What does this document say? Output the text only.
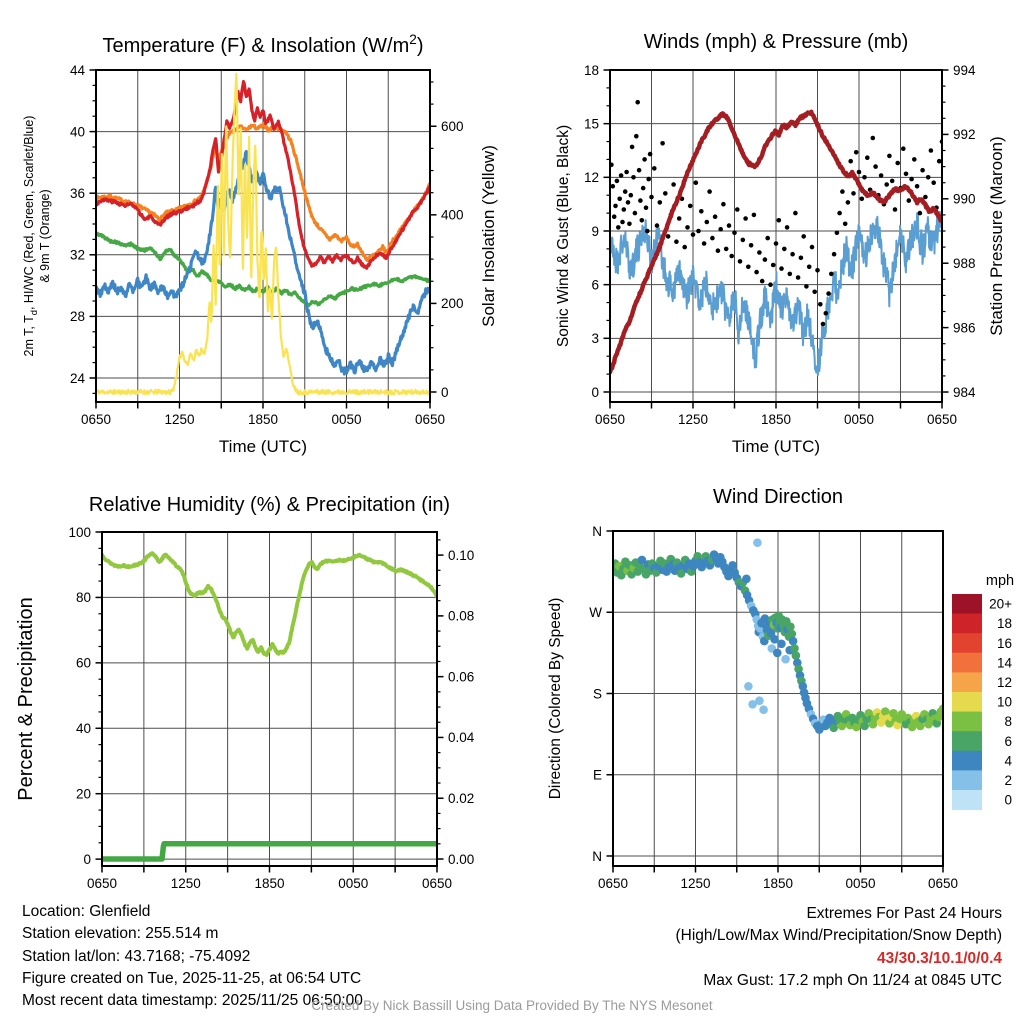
24
28
32
36
40
44
0
200
400
600
0650	1250	1850	0050	0650
Time (UTC)
Temperature (F) & Insolation $(W/m^2)$
2m T, $T_d$, HI/WC (Red, Green, Scarlet/Blue) & 9m T (Orange)	Solar Insolation (Yellow)
0
3
6
9
12
15
18
984
986
988
990
992
994
0650	1250	1850	0050	0650
Time (UTC)
Winds (mph) & Pressure (mb)
Sonic Wind & Gust (Blue, Black)	Station Pressure (Maroon)
0
20
40
60
80
100
0.00
0.02
0.04
0.06
0.08
0.10
0650	1250	1850	0050	0650
Relative Humidity (%) & Precipitation (in)
Percent & Precipitation
N
W
S
E
N
0650	1250	1850	0050	0650
Wind Direction
Direction (Colored By Speed)
mph
20+
18
16
14
12
10
8
6
4
2
0
Location: Glenfield
Station elevation: 255.514 m
Station lat/lon: 43.7168; -75.4092
Figure created on Tue, 2025-11-25, at 06:54 UTC
Most recent data timestamp: 2025/11/25 06:50:00
Extremes For Past 24 Hours
(High/Low/Max Wind/Precipitation/Snow Depth)
43/30.3/10.1/0/0.4
Max Gust: 17.2 mph On 11/24 at 0845 UTC
Created By Nick Bassill Using Data Provided By The NYS Mesonet
